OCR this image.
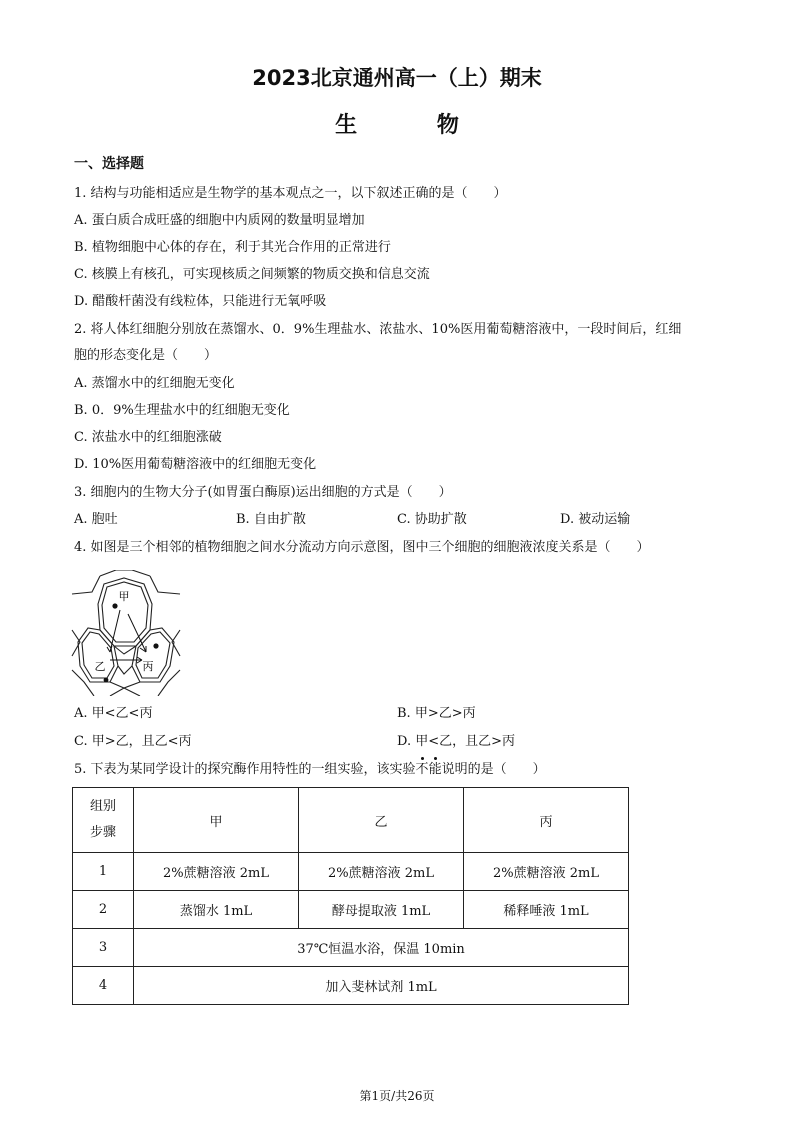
2023北京通州高一（上）期末
生 物
一、选择题
1. 结构与功能相适应是生物学的基本观点之一，以下叙述正确的是（　　）
A. 蛋白质合成旺盛的细胞中内质网的数量明显增加
B. 植物细胞中心体的存在，利于其光合作用的正常进行
C. 核膜上有核孔，可实现核质之间频繁的物质交换和信息交流
D. 醋酸杆菌没有线粒体，只能进行无氧呼吸
2. 将人体红细胞分别放在蒸馏水、0．9%生理盐水、浓盐水、10%医用葡萄糖溶液中，一段时间后，红细
胞的形态变化是（　　）
A. 蒸馏水中的红细胞无变化
B. 0．9%生理盐水中的红细胞无变化
C. 浓盐水中的红细胞涨破
D. 10%医用葡萄糖溶液中的红细胞无变化
3. 细胞内的生物大分子(如胃蛋白酶原)运出细胞的方式是（　　）
A. 胞吐	B. 自由扩散	C. 协助扩散	D. 被动运输
4. 如图是三个相邻的植物细胞之间水分流动方向示意图，图中三个细胞的细胞液浓度关系是（　　）
甲
乙	丙
A. 甲<乙<丙	B. 甲>乙>丙
C. 甲>乙，且乙<丙	D. 甲<乙，且乙>丙
5. 下表为某同学设计的探究酶作用特性的一组实验，该实验不能说明的是（　　）
组别
步骤	甲	乙	丙
1	2%蔗糖溶液 2mL	2%蔗糖溶液 2mL	2%蔗糖溶液 2mL
2	蒸馏水 1mL	酵母提取液 1mL	稀释唾液 1mL
3	37℃恒温水浴，保温 10min		
4	加入斐林试剂 1mL		
第1页/共26页
